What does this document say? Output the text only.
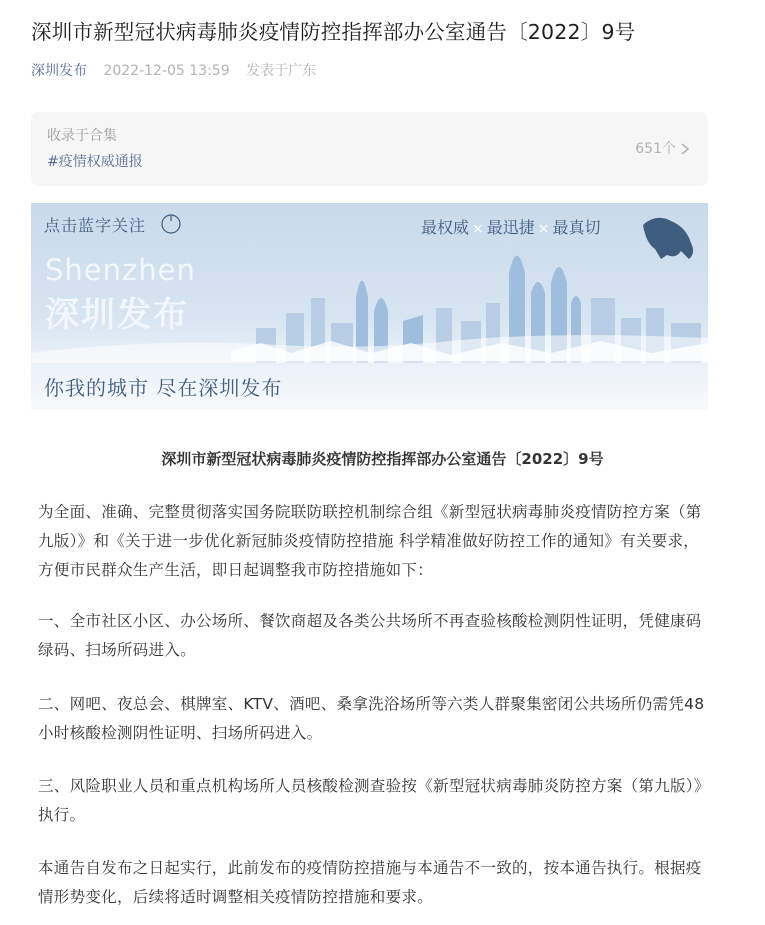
深圳市新型冠状病毒肺炎疫情防控指挥部办公室通告〔2022〕9号
深圳发布 2022-12-05 13:59 发表于广东
收录于合集
#疫情权威通报
651个
点击蓝字关注	最权威 × 最迅捷 × 最真切
Shenzhen
深圳发布
你我的城市 尽在深圳发布
深圳市新型冠状病毒肺炎疫情防控指挥部办公室通告〔2022〕9号

为全面、准确、完整贯彻落实国务院联防联控机制综合组《新型冠状病毒肺炎疫情防控方案（第九版）》和《关于进一步优化新冠肺炎疫情防控措施 科学精准做好防控工作的通知》有关要求，方便市民群众生产生活，即日起调整我市防控措施如下：

一、全市社区小区、办公场所、餐饮商超及各类公共场所不再查验核酸检测阴性证明，凭健康码绿码、扫场所码进入。

二、网吧、夜总会、棋牌室、KTV、酒吧、桑拿洗浴场所等六类人群聚集密闭公共场所仍需凭48小时核酸检测阴性证明、扫场所码进入。

三、风险职业人员和重点机构场所人员核酸检测查验按《新型冠状病毒肺炎防控方案（第九版）》执行。

本通告自发布之日起实行，此前发布的疫情防控措施与本通告不一致的，按本通告执行。根据疫情形势变化，后续将适时调整相关疫情防控措施和要求。
